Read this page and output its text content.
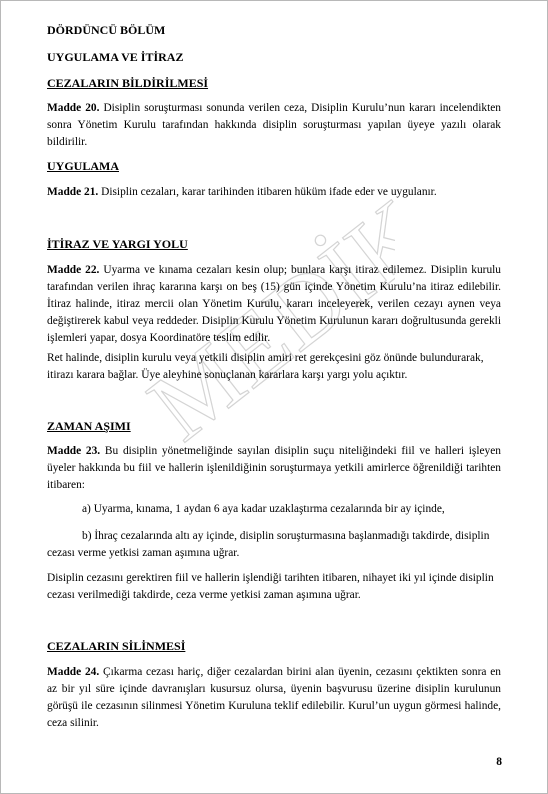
MEDİKİM
DÖRDÜNCÜ BÖLÜM
UYGULAMA VE İTİRAZ
CEZALARIN BİLDİRİLMESİ
Madde 20. Disiplin soruşturması sonunda verilen ceza, Disiplin Kurulu’nun kararı incelendikten sonra Yönetim Kurulu tarafından hakkında disiplin soruşturması yapılan üyeye yazılı olarak bildirilir.
UYGULAMA
Madde 21. Disiplin cezaları, karar tarihinden itibaren hüküm ifade eder ve uygulanır.
İTİRAZ VE YARGI YOLU
Madde 22. Uyarma ve kınama cezaları kesin olup; bunlara karşı itiraz edilemez. Disiplin kurulu tarafından verilen ihraç kararına karşı on beş (15) gün içinde Yönetim Kurulu’na itiraz edilebilir. İtiraz halinde, itiraz mercii olan Yönetim Kurulu, kararı inceleyerek, verilen cezayı aynen veya değiştirerek kabul veya reddeder. Disiplin Kurulu Yönetim Kurulunun kararı doğrultusunda gerekli işlemleri yapar, dosya Koordinatöre teslim edilir.
Ret halinde, disiplin kurulu veya yetkili disiplin amiri ret gerekçesini göz önünde bulundurarak, itirazı karara bağlar. Üye aleyhine sonuçlanan kararlara karşı yargı yolu açıktır.
ZAMAN AŞIMI
Madde 23. Bu disiplin yönetmeliğinde sayılan disiplin suçu niteliğindeki fiil ve halleri işleyen üyeler hakkında bu fiil ve hallerin işlenildiğinin soruşturmaya yetkili amirlerce öğrenildiği tarihten itibaren:
a) Uyarma, kınama, 1 aydan 6 aya kadar uzaklaştırma cezalarında bir ay içinde,
b) İhraç cezalarında altı ay içinde, disiplin soruşturmasına başlanmadığı takdirde, disiplin cezası verme yetkisi zaman aşımına uğrar.
Disiplin cezasını gerektiren fiil ve hallerin işlendiği tarihten itibaren, nihayet iki yıl içinde disiplin cezası verilmediği takdirde, ceza verme yetkisi zaman aşımına uğrar.
CEZALARIN SİLİNMESİ
Madde 24. Çıkarma cezası hariç, diğer cezalardan birini alan üyenin, cezasını çektikten sonra en az bir yıl süre içinde davranışları kusursuz olursa, üyenin başvurusu üzerine disiplin kurulunun görüşü ile cezasının silinmesi Yönetim Kuruluna teklif edilebilir. Kurul’un uygun görmesi halinde, ceza silinir.
8
